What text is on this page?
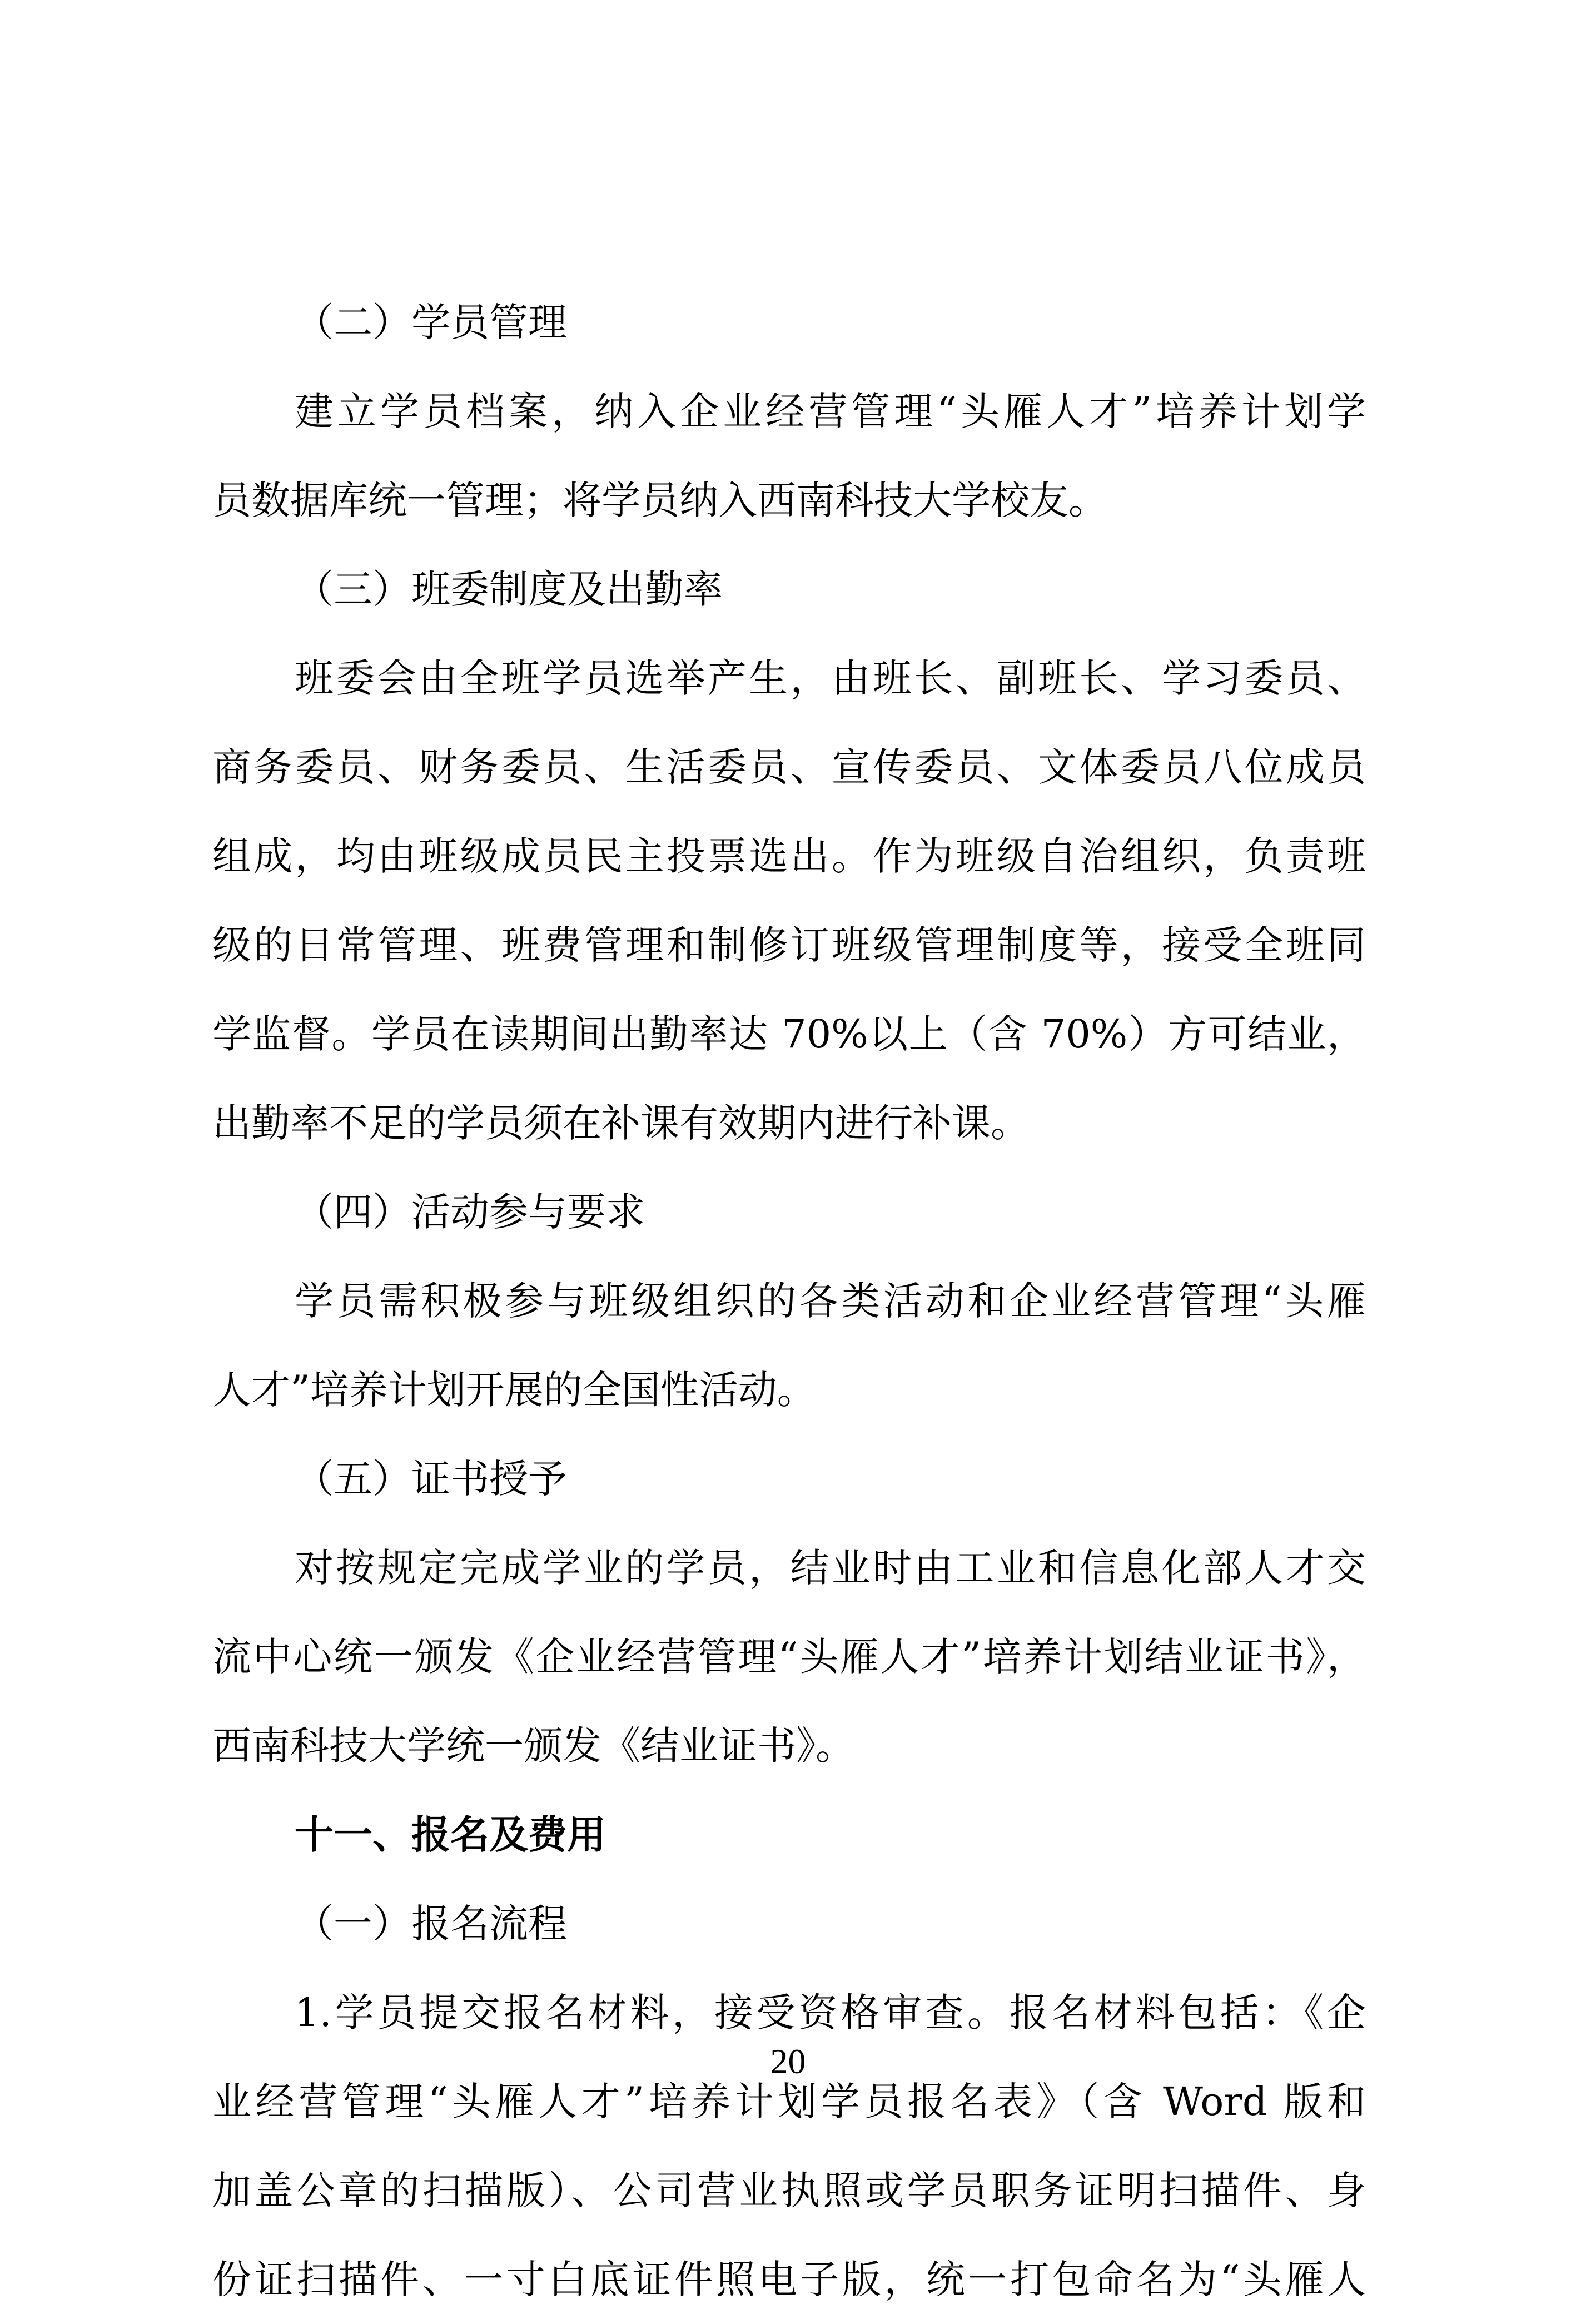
（二）学员管理
建立学员档案，纳入企业经营管理“头雁人才”培养计划学
员数据库统一管理；将学员纳入西南科技大学校友。
（三）班委制度及出勤率
班委会由全班学员选举产生，由班长、副班长、学习委员、
商务委员、财务委员、生活委员、宣传委员、文体委员八位成员
组成，均由班级成员民主投票选出。作为班级自治组织，负责班
级的日常管理、班费管理和制修订班级管理制度等，接受全班同
学监督。学员在读期间出勤率达 70%以上（含 70%）方可结业，
出勤率不足的学员须在补课有效期内进行补课。
（四）活动参与要求
学员需积极参与班级组织的各类活动和企业经营管理“头雁
人才”培养计划开展的全国性活动。
（五）证书授予
对按规定完成学业的学员，结业时由工业和信息化部人才交
流中心统一颁发《企业经营管理“头雁人才”培养计划结业证书》，
西南科技大学统一颁发《结业证书》。
十一、报名及费用
（一）报名流程
1.学员提交报名材料，接受资格审查。报名材料包括：《企
业经营管理“头雁人才”培养计划学员报名表》（含 Word 版和
加盖公章的扫描版）、公司营业执照或学员职务证明扫描件、身
份证扫描件、一寸白底证件照电子版，统一打包命名为“头雁人
20
